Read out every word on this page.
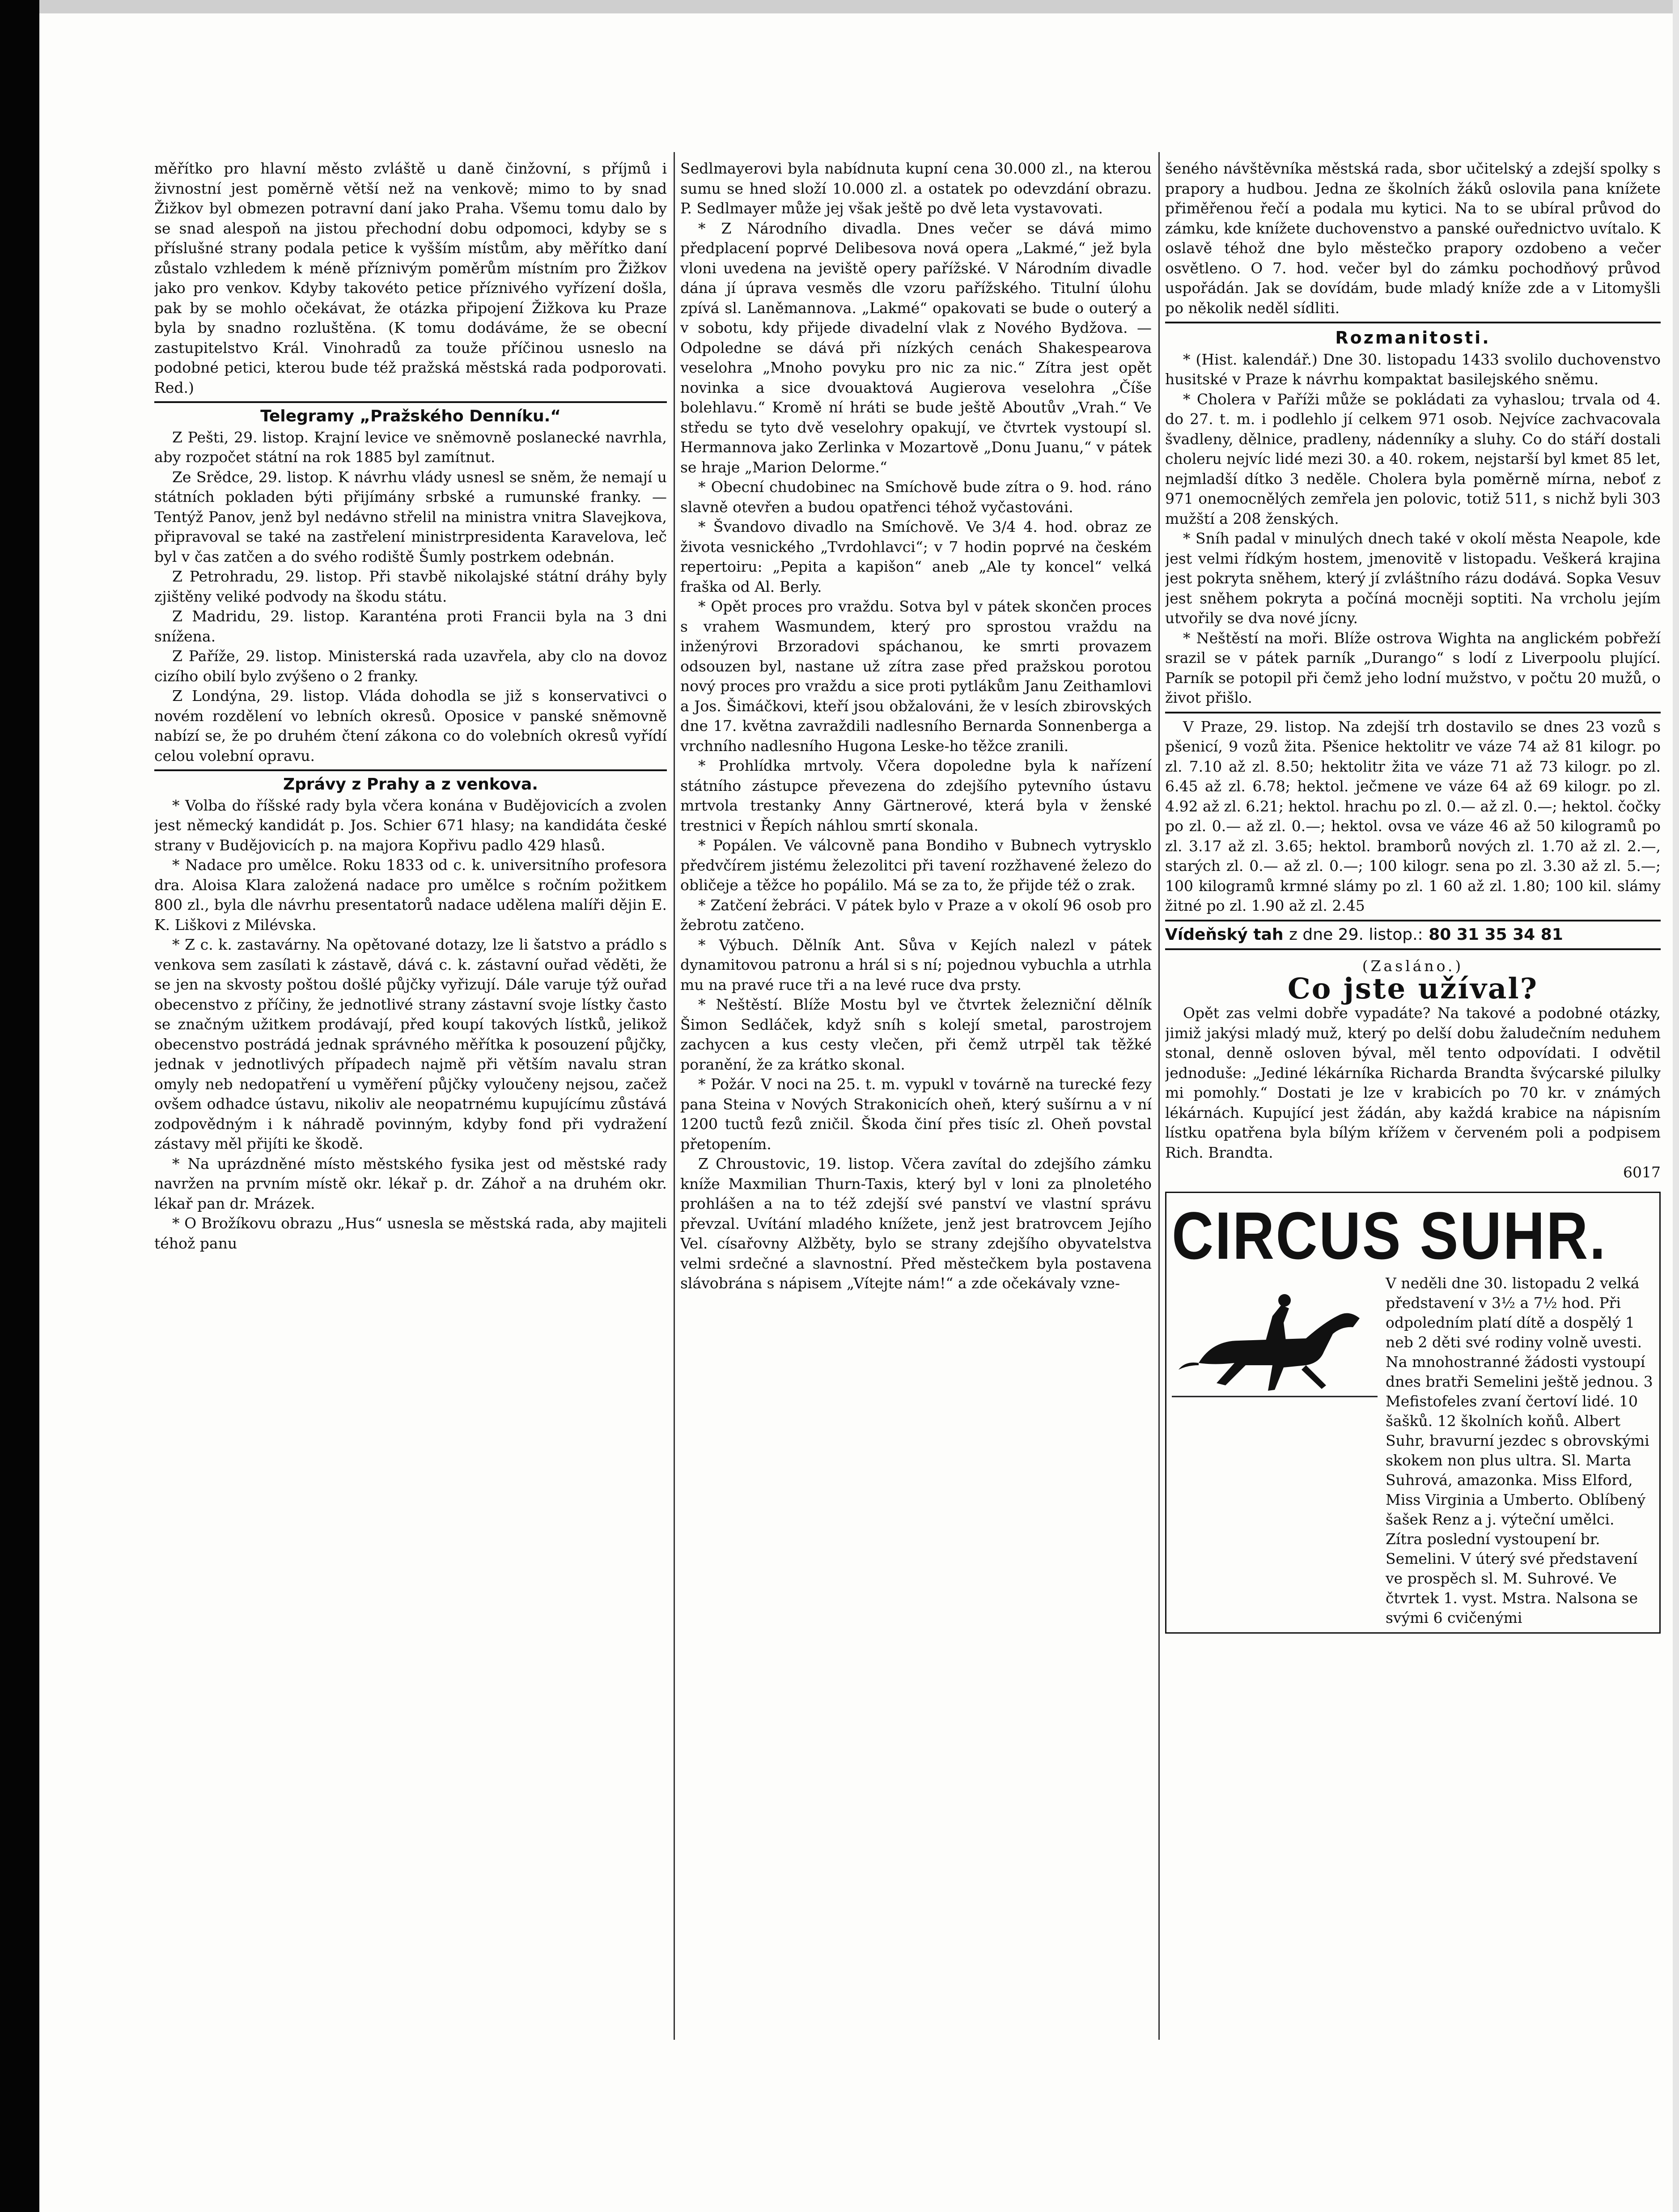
měřítko pro hlavní město zvláště u daně činžovní, s příjmů i živnostní jest poměrně větší než na venkově; mimo to by snad Žižkov byl obmezen potravní daní jako Praha. Všemu tomu dalo by se snad alespoň na jistou přechodní dobu odpomoci, kdyby se s příslušné strany podala petice k vyšším místům, aby měřítko daní zůstalo vzhledem k méně příznivým poměrům místním pro Žižkov jako pro venkov. Kdyby takovéto petice příznivého vyřízení došla, pak by se mohlo očekávat, že otázka připojení Žižkova ku Praze byla by snadno rozluštěna. (K tomu dodáváme, že se obecní zastupitelstvo Král. Vinohradů za touže příčinou usneslo na podobné petici, kterou bude též pražská městská rada podporovati. Red.)

Telegramy „Pražského Denníku.“

Z Pešti, 29. listop. Krajní levice ve sněmovně poslanecké navrhla, aby rozpočet státní na rok 1885 byl zamítnut.

Ze Srědce, 29. listop. K návrhu vlády usnesl se sněm, že nemají u státních pokladen býti přijímány srbské a rumunské franky. — Tentýž Panov, jenž byl nedávno střelil na ministra vnitra Slavejkova, připravoval se také na zastřelení ministrpresidenta Karavelova, leč byl v čas zatčen a do svého rodiště Šumly postrkem odebnán.

Z Petrohradu, 29. listop. Při stavbě nikolajské státní dráhy byly zjištěny veliké podvody na škodu státu.

Z Madridu, 29. listop. Karanténa proti Francii byla na 3 dni snížena.

Z Paříže, 29. listop. Ministerská rada uzavřela, aby clo na dovoz cizího obilí bylo zvýšeno o 2 franky.

Z Londýna, 29. listop. Vláda dohodla se již s konservativci o novém rozdělení vo lebních okresů. Oposice v panské sněmovně nabízí se, že po druhém čtení zákona co do volebních okresů vyřídí celou volební opravu.

Zprávy z Prahy a z venkova.

* Volba do říšské rady byla včera konána v Budějovicích a zvolen jest německý kandidát p. Jos. Schier 671 hlasy; na kandidáta české strany v Budějovicích p. na majora Kopřivu padlo 429 hlasů.

* Nadace pro umělce. Roku 1833 od c. k. universitního profesora dra. Aloisa Klara založená nadace pro umělce s ročním požitkem 800 zl., byla dle návrhu presentatorů nadace udělena malíři dějin E. K. Liškovi z Milévska.

* Z c. k. zastavárny. Na opětované dotazy, lze li šatstvo a prádlo s venkova sem zasílati k zástavě, dává c. k. zástavní ouřad věděti, že se jen na skvosty poštou došlé půjčky vyřizují. Dále varuje týž ouřad obecenstvo z příčiny, že jednotlivé strany zástavní svoje lístky často se značným užitkem prodávají, před koupí takových lístků, jelikož obecenstvo postrádá jednak správného měřítka k posouzení půjčky, jednak v jednotlivých případech najmě při větším navalu stran omyly neb nedopatření u vyměření půjčky vyloučeny nejsou, začež ovšem odhadce ústavu, nikoliv ale neopatrnému kupujícímu zůstává zodpovědným i k náhradě povinným, kdyby fond při vydražení zástavy měl přijíti ke škodě.

* Na uprázdněné místo městského fysika jest od městské rady navržen na prvním místě okr. lékař p. dr. Záhoř a na druhém okr. lékař pan dr. Mrázek.

* O Brožíkovu obrazu „Hus“ usnesla se městská rada, aby majiteli téhož panu

Sedlmayerovi byla nabídnuta kupní cena 30.000 zl., na kterou sumu se hned složí 10.000 zl. a ostatek po odevzdání obrazu. P. Sedlmayer může jej však ještě po dvě leta vystavovati.

* Z Národního divadla. Dnes večer se dává mimo předplacení poprvé Delibesova nová opera „Lakmé,“ jež byla vloni uvedena na jeviště opery pařížské. V Národním divadle dána jí úprava vesměs dle vzoru pařížského. Titulní úlohu zpívá sl. Laněmannova. „Lakmé“ opakovati se bude o outerý a v sobotu, kdy přijede divadelní vlak z Nového Bydžova. — Odpoledne se dává při nízkých cenách Shakespearova veselohra „Mnoho povyku pro nic za nic.“ Zítra jest opět novinka a sice dvouaktová Augierova veselohra „Číše bolehlavu.“ Kromě ní hráti se bude ještě Aboutův „Vrah.“ Ve středu se tyto dvě veselohry opakují, ve čtvrtek vystoupí sl. Hermannova jako Zerlinka v Mozartově „Donu Juanu,“ v pátek se hraje „Marion Delorme.“

* Obecní chudobinec na Smíchově bude zítra o 9. hod. ráno slavně otevřen a budou opatřenci téhož vyčastováni.

* Švandovo divadlo na Smíchově. Ve 3/4 4. hod. obraz ze života vesnického „Tvrdohlavci“; v 7 hodin poprvé na českém repertoiru: „Pepita a kapišon“ aneb „Ale ty koncel“ velká fraška od Al. Berly.

* Opět proces pro vraždu. Sotva byl v pátek skončen proces s vrahem Wasmundem, který pro sprostou vraždu na inženýrovi Brzoradovi spáchanou, ke smrti provazem odsouzen byl, nastane už zítra zase před pražskou porotou nový proces pro vraždu a sice proti pytlákům Janu Zeithamlovi a Jos. Šimáčkovi, kteří jsou obžalováni, že v lesích zbirovských dne 17. května zavraždili nadlesního Bernarda Sonnenberga a vrchního nadlesního Hugona Leske-ho těžce zranili.

* Prohlídka mrtvoly. Včera dopoledne byla k nařízení státního zástupce převezena do zdejšího pytevního ústavu mrtvola trestanky Anny Gärtnerové, která byla v ženské trestnici v Řepích náhlou smrtí skonala.

* Popálen. Ve válcovně pana Bondiho v Bubnech vytrysklo předvčírem jistému železolitci při tavení rozžhavené železo do obličeje a těžce ho popálilo. Má se za to, že přijde též o zrak.

* Zatčení žebráci. V pátek bylo v Praze a v okolí 96 osob pro žebrotu zatčeno.

* Výbuch. Dělník Ant. Sůva v Kejích nalezl v pátek dynamitovou patronu a hrál si s ní; pojednou vybuchla a utrhla mu na pravé ruce tři a na levé ruce dva prsty.

* Neštěstí. Blíže Mostu byl ve čtvrtek železniční dělník Šimon Sedláček, když sníh s kolejí smetal, parostrojem zachycen a kus cesty vlečen, při čemž utrpěl tak těžké poranění, že za krátko skonal.

* Požár. V noci na 25. t. m. vypukl v továrně na turecké fezy pana Steina v Nových Strakonicích oheň, který sušírnu a v ní 1200 tuctů fezů zničil. Škoda činí přes tisíc zl. Oheň povstal přetopením.

Z Chroustovic, 19. listop. Včera zavítal do zdejšího zámku kníže Maxmilian Thurn-Taxis, který byl v loni za plnoletého prohlášen a na to též zdejší své panství ve vlastní správu převzal. Uvítání mladého knížete, jenž jest bratrovcem Jejího Vel. císařovny Alžběty, bylo se strany zdejšího obyvatelstva velmi srdečné a slavnostní. Před městečkem byla postavena slávobrána s nápisem „Vítejte nám!“ a zde očekávaly vzne-

šeného návštěvníka městská rada, sbor učitelský a zdejší spolky s prapory a hudbou. Jedna ze školních žáků oslovila pana knížete přiměřenou řečí a podala mu kytici. Na to se ubíral průvod do zámku, kde knížete duchovenstvo a panské ouřednictvo uvítalo. K oslavě téhož dne bylo městečko prapory ozdobeno a večer osvětleno. O 7. hod. večer byl do zámku pochodňový průvod uspořádán. Jak se dovídám, bude mladý kníže zde a v Litomyšli po několik neděl sídliti.

Rozmanitosti.

* (Hist. kalendář.) Dne 30. listopadu 1433 svolilo duchovenstvo husitské v Praze k návrhu kompaktat basilejského sněmu.

* Cholera v Paříži může se pokládati za vyhaslou; trvala od 4. do 27. t. m. i podlehlo jí celkem 971 osob. Nejvíce zachvacovala švadleny, dělnice, pradleny, nádenníky a sluhy. Co do stáří dostali choleru nejvíc lidé mezi 30. a 40. rokem, nejstarší byl kmet 85 let, nejmladší dítko 3 neděle. Cholera byla poměrně mírna, neboť z 971 onemocnělých zemřela jen polovic, totiž 511, s nichž byli 303 mužští a 208 ženských.

* Sníh padal v minulých dnech také v okolí města Neapole, kde jest velmi řídkým hostem, jmenovitě v listopadu. Veškerá krajina jest pokryta sněhem, který jí zvláštního rázu dodává. Sopka Vesuv jest sněhem pokryta a počíná mocněji soptiti. Na vrcholu jejím utvořily se dva nové jícny.

* Neštěstí na moři. Blíže ostrova Wighta na anglickém pobřeží srazil se v pátek parník „Durango“ s lodí z Liverpoolu plující. Parník se potopil při čemž jeho lodní mužstvo, v počtu 20 mužů, o život přišlo.

V Praze, 29. listop. Na zdejší trh dostavilo se dnes 23 vozů s pšenicí, 9 vozů žita. Pšenice hektolitr ve váze 74 až 81 kilogr. po zl. 7.10 až zl. 8.50; hektolitr žita ve váze 71 až 73 kilogr. po zl. 6.45 až zl. 6.78; hektol. ječmene ve váze 64 až 69 kilogr. po zl. 4.92 až zl. 6.21; hektol. hrachu po zl. 0.— až zl. 0.—; hektol. čočky po zl. 0.— až zl. 0.—; hektol. ovsa ve váze 46 až 50 kilogramů po zl. 3.17 až zl. 3.65; hektol. bramborů nových zl. 1.70 až zl. 2.—, starých zl. 0.— až zl. 0.—; 100 kilogr. sena po zl. 3.30 až zl. 5.—; 100 kilogramů krmné slámy po zl. 1 60 až zl. 1.80; 100 kil. slámy žitné po zl. 1.90 až zl. 2.45

Vídeňský tah z dne 29. listop.: 80 31 35 34 81
(Zasláno.)
Co jste užíval?

Opět zas velmi dobře vypadáte? Na takové a podobné otázky, jimiž jakýsi mladý muž, který po delší dobu žaludečním neduhem stonal, denně osloven býval, měl tento odpovídati. I odvětil jednoduše: „Jediné lékárníka Richarda Brandta švýcarské pilulky mi pomohly.“ Dostati je lze v krabicích po 70 kr. v známých lékárnách. Kupující jest žádán, aby každá krabice na nápisním lístku opatřena byla bílým křížem v červeném poli a podpisem Rich. Brandta.

6017
CIRCUS SUHR.
V neděli dne 30. listopadu 2 velká představení v 3½ a 7½ hod. Při odpoledním platí dítě a dospělý 1 neb 2 děti své rodiny volně uvesti. Na mnohostranné žádosti vystoupí dnes bratři Semelini ještě jednou. 3 Mefistofeles zvaní čertoví lidé. 10 šašků. 12 školních koňů. Albert Suhr, bravurní jezdec s obrovskými skokem non plus ultra. Sl. Marta Suhrová, amazonka. Miss Elford, Miss Virginia a Umberto. Oblíbený šašek Renz a j. výteční umělci. Zítra poslední vystoupení br. Semelini. V úterý své představení ve prospěch sl. M. Suhrové. Ve čtvrtek 1. vyst. Mstra. Nalsona se svými 6 cvičenými
